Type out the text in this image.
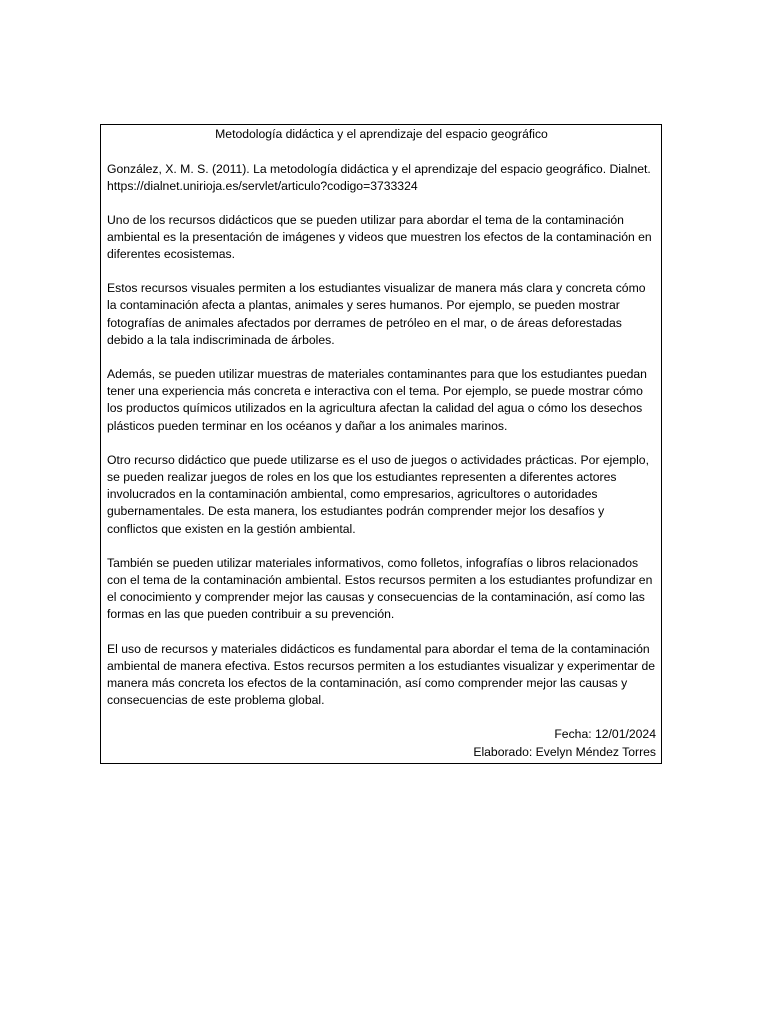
Metodología didáctica y el aprendizaje del espacio geográfico

González, X. M. S. (2011). La metodología didáctica y el aprendizaje del espacio geográfico. Dialnet. https://dialnet.unirioja.es/servlet/articulo?codigo=3733324

Uno de los recursos didácticos que se pueden utilizar para abordar el tema de la contaminación ambiental es la presentación de imágenes y videos que muestren los efectos de la contaminación en diferentes ecosistemas.

Estos recursos visuales permiten a los estudiantes visualizar de manera más clara y concreta cómo la contaminación afecta a plantas, animales y seres humanos. Por ejemplo, se pueden mostrar fotografías de animales afectados por derrames de petróleo en el mar, o de áreas deforestadas debido a la tala indiscriminada de árboles.

Además, se pueden utilizar muestras de materiales contaminantes para que los estudiantes puedan tener una experiencia más concreta e interactiva con el tema. Por ejemplo, se puede mostrar cómo los productos químicos utilizados en la agricultura afectan la calidad del agua o cómo los desechos plásticos pueden terminar en los océanos y dañar a los animales marinos.

Otro recurso didáctico que puede utilizarse es el uso de juegos o actividades prácticas. Por ejemplo, se pueden realizar juegos de roles en los que los estudiantes representen a diferentes actores involucrados en la contaminación ambiental, como empresarios, agricultores o autoridades gubernamentales. De esta manera, los estudiantes podrán comprender mejor los desafíos y conflictos que existen en la gestión ambiental.

También se pueden utilizar materiales informativos, como folletos, infografías o libros relacionados con el tema de la contaminación ambiental. Estos recursos permiten a los estudiantes profundizar en el conocimiento y comprender mejor las causas y consecuencias de la contaminación, así como las formas en las que pueden contribuir a su prevención.

El uso de recursos y materiales didácticos es fundamental para abordar el tema de la contaminación ambiental de manera efectiva. Estos recursos permiten a los estudiantes visualizar y experimentar de manera más concreta los efectos de la contaminación, así como comprender mejor las causas y consecuencias de este problema global.

Fecha: 12/01/2024
Elaborado: Evelyn Méndez Torres
